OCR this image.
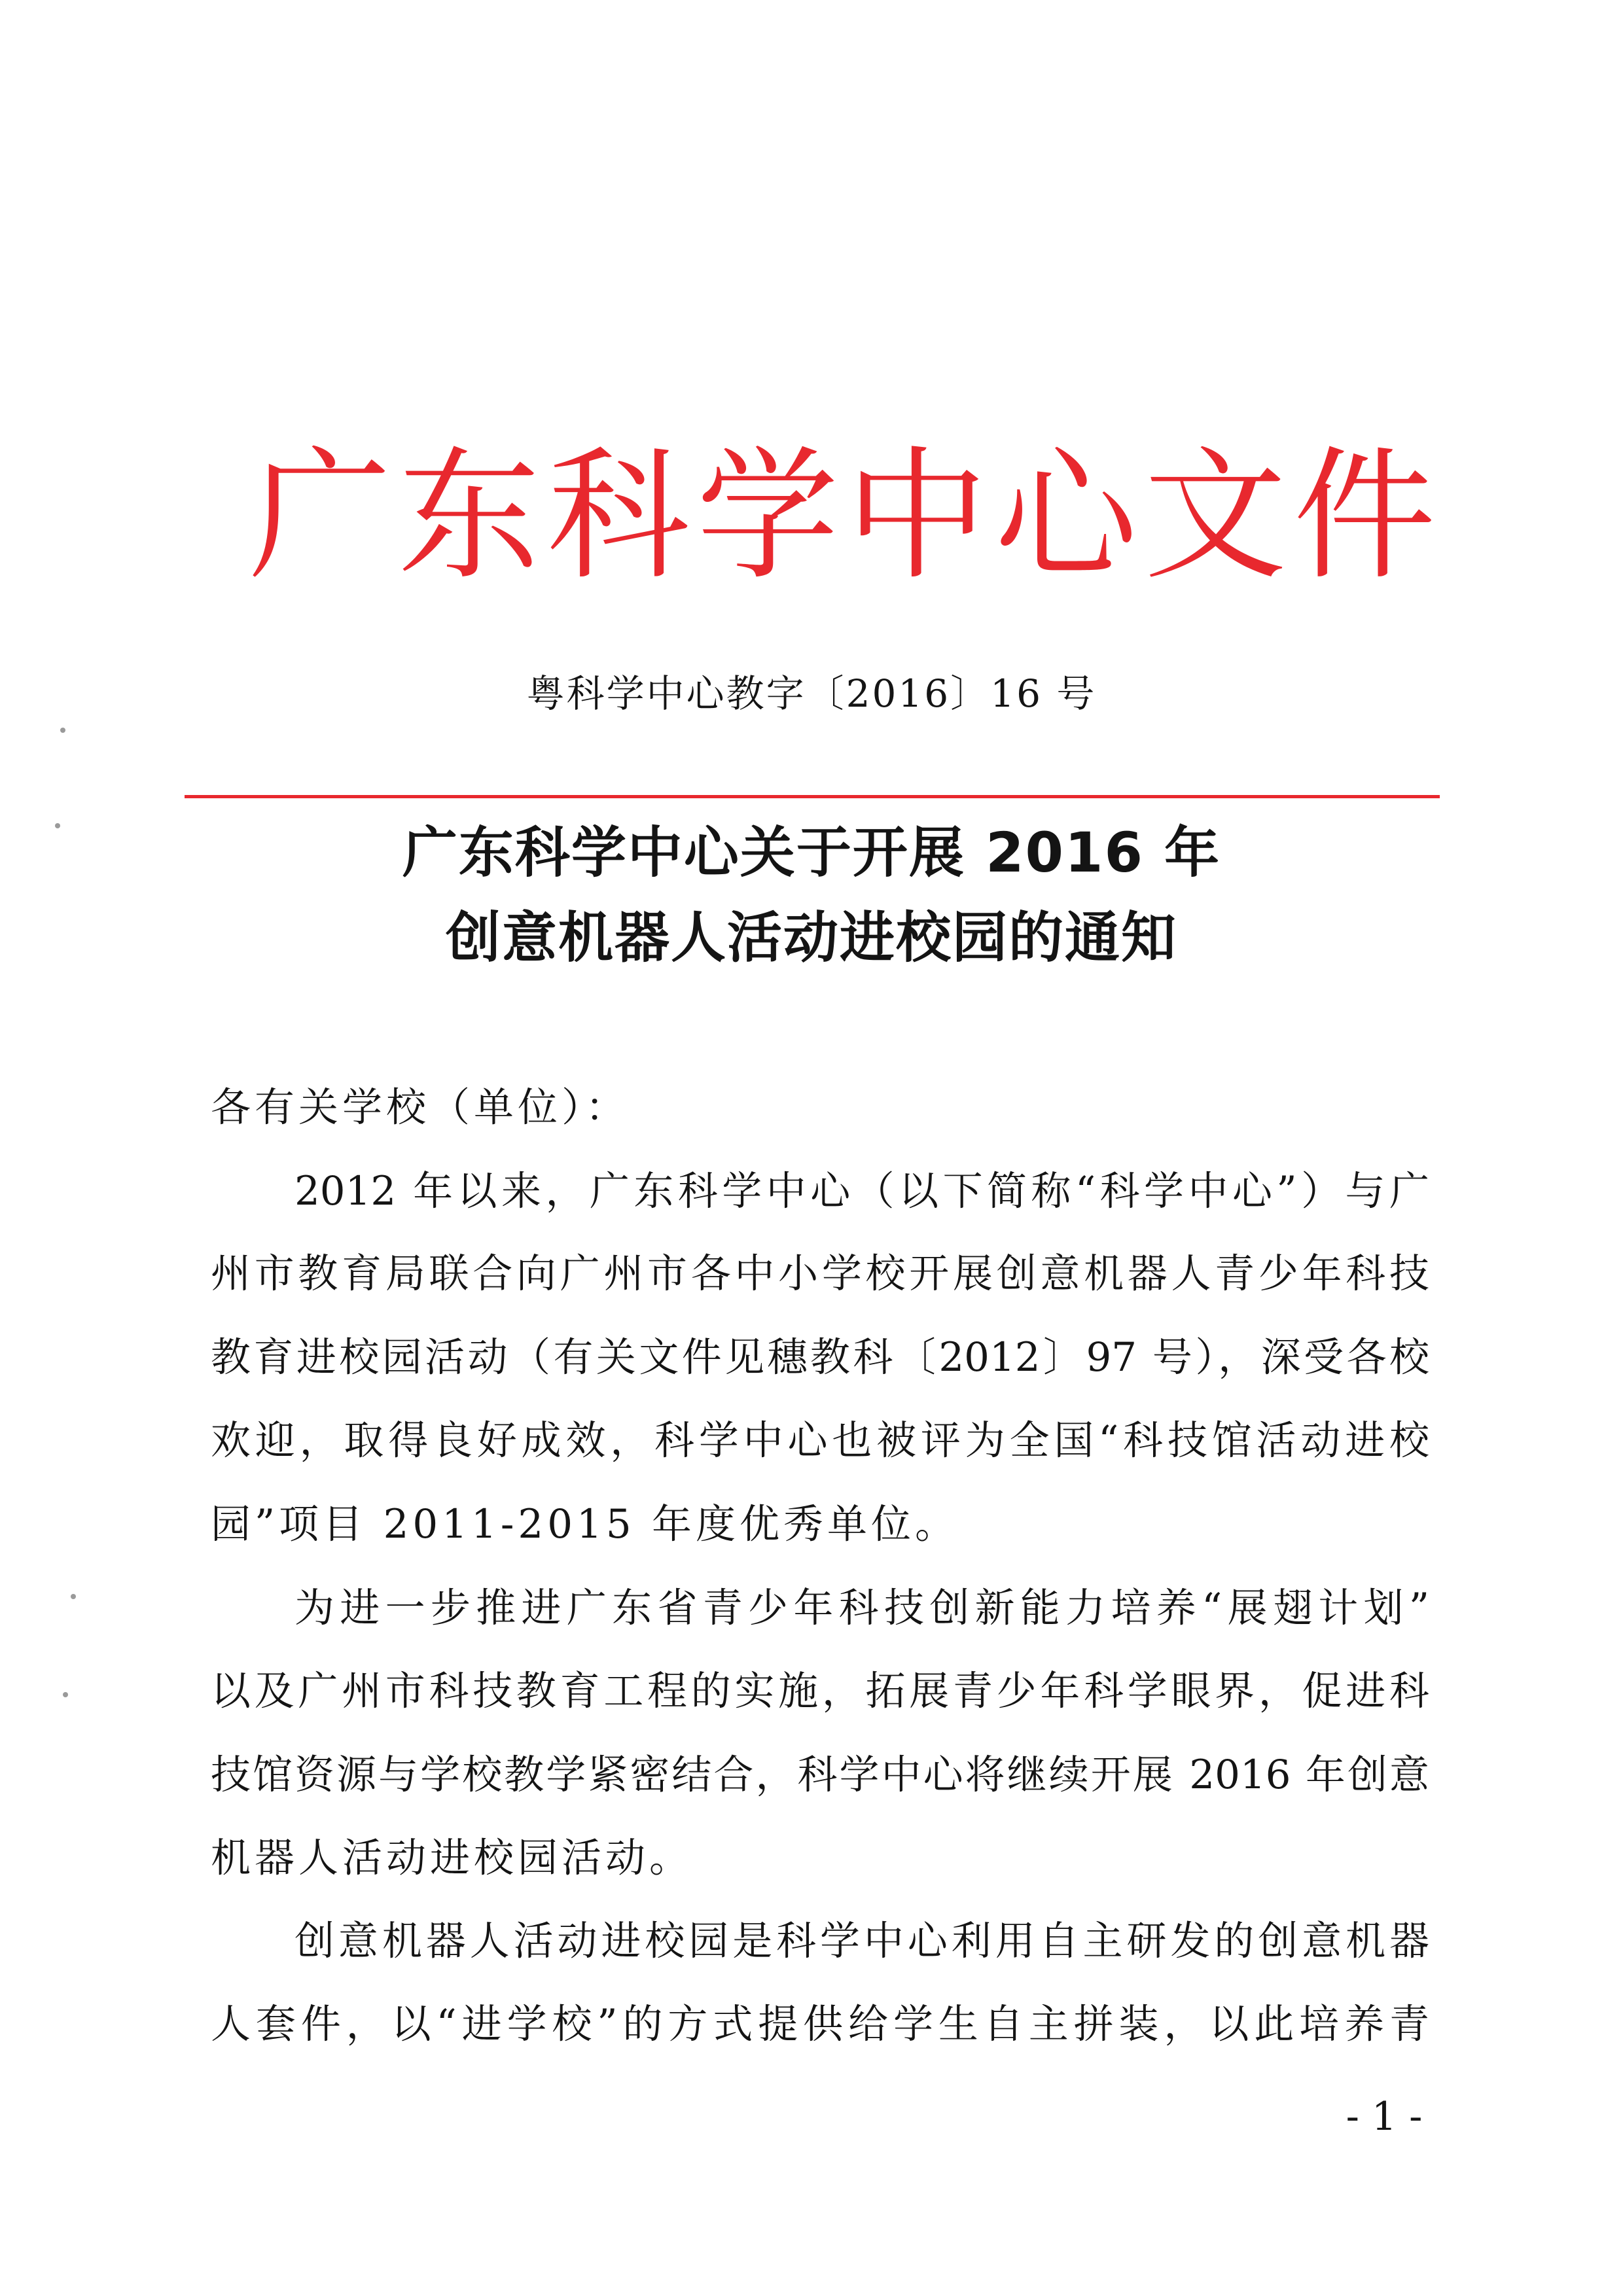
广东科学中心文件
粤科学中心教字〔2016〕16 号
广东科学中心关于开展 2016 年
创意机器人活动进校园的通知
各有关学校（单位）：
2012 年以来，广东科学中心（以下简称“科学中心”）与广
州市教育局联合向广州市各中小学校开展创意机器人青少年科技
教育进校园活动（有关文件见穗教科〔2012〕97 号），深受各校
欢迎，取得良好成效，科学中心也被评为全国“科技馆活动进校
园”项目 2011-2015 年度优秀单位。
为进一步推进广东省青少年科技创新能力培养“展翅计划”
以及广州市科技教育工程的实施，拓展青少年科学眼界，促进科
技馆资源与学校教学紧密结合，科学中心将继续开展 2016 年创意
机器人活动进校园活动。
创意机器人活动进校园是科学中心利用自主研发的创意机器
人套件，以“进学校”的方式提供给学生自主拼装，以此培养青
- 1 -
